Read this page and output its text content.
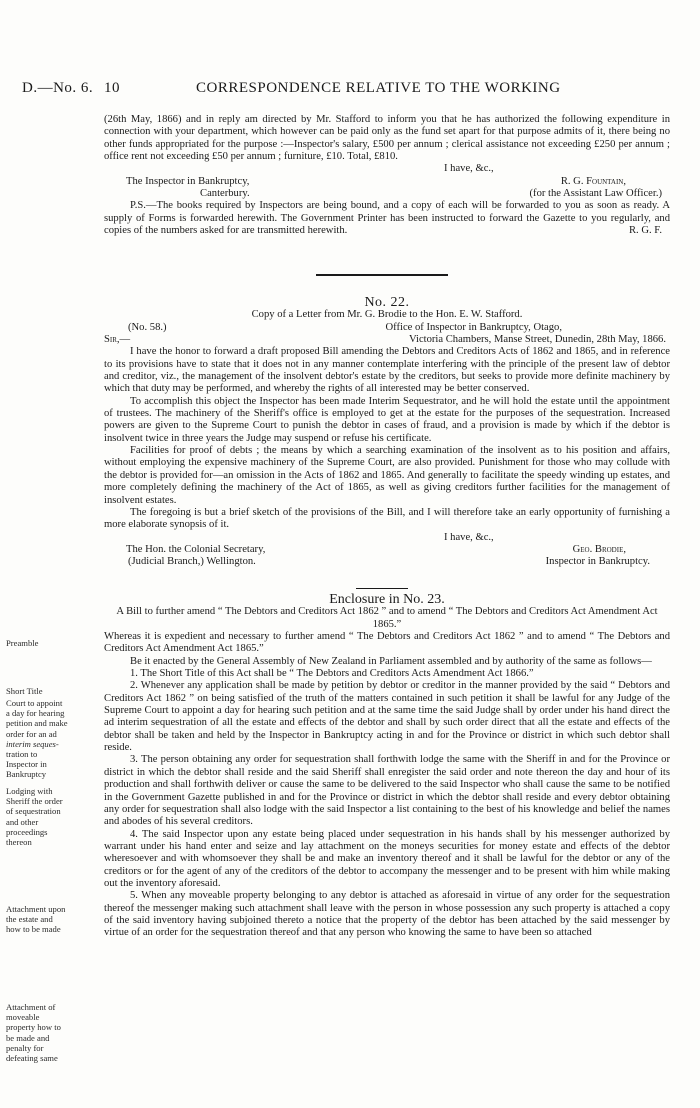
D.—No. 6. 10	CORRESPONDENCE RELATIVE TO THE WORKING

(26th May, 1866) and in reply am directed by Mr. Stafford to inform you that he has authorized the following expenditure in connection with your department, which however can be paid only as the fund set apart for that purpose admits of it, there being no other funds appropriated for the purpose :—Inspector's salary, £500 per annum ; clerical assistance not exceeding £250 per annum ; office rent not exceeding £50 per annum ; furniture, £10. Total, £810.

I have, &c.,
The Inspector in Bankruptcy,	R. G. Fountain,
Canterbury.	(for the Assistant Law Officer.)

P.S.—The books required by Inspectors are being bound, and a copy of each will be forwarded to you as soon as ready. A supply of Forms is forwarded herewith. The Government Printer has been instructed to forward the Gazette to you regularly, and copies of the numbers asked for are transmitted herewith.	R. G. F.
No. 22.
Copy of a Letter from Mr. G. Brodie to the Hon. E. W. Stafford.
(No. 58.)	Office of Inspector in Bankruptcy, Otago,
Sir,—	Victoria Chambers, Manse Street, Dunedin, 28th May, 1866.

I have the honor to forward a draft proposed Bill amending the Debtors and Creditors Acts of 1862 and 1865, and in reference to its provisions have to state that it does not in any manner contemplate interfering with the principle of the present law of debtor and creditor, viz., the management of the insolvent debtor's estate by the creditors, but seeks to provide more definite machinery by which that duty may be performed, and whereby the rights of all interested may be better conserved.

To accomplish this object the Inspector has been made Interim Sequestrator, and he will hold the estate until the appointment of trustees. The machinery of the Sheriff's office is employed to get at the estate for the purposes of the sequestration. Increased powers are given to the Supreme Court to punish the debtor in cases of fraud, and a provision is made by which if the debtor is insolvent twice in three years the Judge may suspend or refuse his certificate.

Facilities for proof of debts ; the means by which a searching examination of the insolvent as to his position and affairs, without employing the expensive machinery of the Supreme Court, are also provided. Punishment for those who may collude with the debtor is provided for—an omission in the Acts of 1862 and 1865. And generally to facilitate the speedy winding up estates, and more completely defining the machinery of the Act of 1865, as well as giving creditors further facilities for the management of insolvent estates.

The foregoing is but a brief sketch of the provisions of the Bill, and I will therefore take an early opportunity of furnishing a more elaborate synopsis of it.

I have, &c.,
The Hon. the Colonial Secretary,	Geo. Brodie,
(Judicial Branch,) Wellington.	Inspector in Bankruptcy.
Enclosure in No. 23.

A Bill to further amend “ The Debtors and Creditors Act 1862 ” and to amend “ The Debtors and Creditors Act Amendment Act 1865.”

Whereas it is expedient and necessary to further amend “ The Debtors and Creditors Act 1862 ” and to amend “ The Debtors and Creditors Act Amendment Act 1865.”

Be it enacted by the General Assembly of New Zealand in Parliament assembled and by authority of the same as follows—

1. The Short Title of this Act shall be “ The Debtors and Creditors Acts Amendment Act 1866.”

2. Whenever any application shall be made by petition by debtor or creditor in the manner provided by the said “ Debtors and Creditors Act 1862 ” on being satisfied of the truth of the matters contained in such petition it shall be lawful for any Judge of the Supreme Court to appoint a day for hearing such petition and at the same time the said Judge shall by order under his hand direct the ad interim sequestration of all the estate and effects of the debtor and shall by such order direct that all the estate and effects of the debtor shall be taken and held by the Inspector in Bankruptcy acting in and for the Province or district in which such debtor shall reside.

3. The person obtaining any order for sequestration shall forthwith lodge the same with the Sheriff in and for the Province or district in which the debtor shall reside and the said Sheriff shall enregister the said order and note thereon the day and hour of its production and shall forthwith deliver or cause the same to be delivered to the said Inspector who shall cause the same to be notified in the Government Gazette published in and for the Province or district in which the debtor shall reside and every debtor obtaining any order for sequestration shall also lodge with the said Inspector a list containing to the best of his knowledge and belief the names and abodes of his several creditors.

4. The said Inspector upon any estate being placed under sequestration in his hands shall by his messenger authorized by warrant under his hand enter and seize and lay attachment on the moneys securities for money estate and effects of the debtor wheresoever and with whomsoever they shall be and make an inventory thereof and it shall be lawful for the debtor or any of the creditors or for the agent of any of the creditors of the debtor to accompany the messenger and to be present with him while making out the inventory aforesaid.

5. When any moveable property belonging to any debtor is attached as aforesaid in virtue of any order for the sequestration thereof the messenger making such attachment shall leave with the person in whose possession any such property is attached a copy of the said inventory having subjoined thereto a notice that the property of the debtor has been attached by the said messenger by virtue of an order for the sequestration thereof and that any person who knowing the same to have been so attached

Preamble
Short Title
Court to appoint
a day for hearing
petition and make
order for an ad
interim seques-
tration to
Inspector in
Bankruptcy
Lodging with
Sheriff the order
of sequestration
and other
proceedings
thereon
Attachment upon
the estate and
how to be made
Attachment of
moveable
property how to
be made and
penalty for
defeating same
